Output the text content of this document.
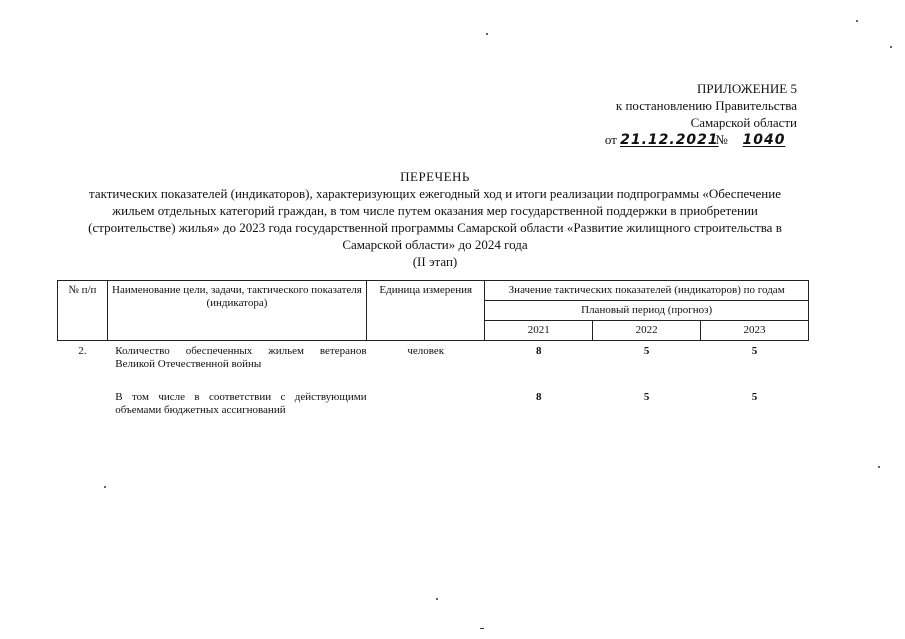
ПРИЛОЖЕНИЕ 5
к постановлению Правительства
Самарской области
от 21.12.2021 № 1040
ПЕРЕЧЕНЬ
тактических показателей (индикаторов), характеризующих ежегодный ход и итоги реализации подпрограммы «Обеспечение жильем отдельных категорий граждан, в том числе путем оказания мер государственной поддержки в приобретении (строительстве) жилья» до 2023 года государственной программы Самарской области «Развитие жилищного строительства в Самарской области» до 2024 года
(II этап)
№ п/п	Наименование цели, задачи, тактического показателя (индикатора)	Единица измерения	Значение тактических показателей (индикаторов) по годам		
			Плановый период (прогноз)		
			2021	2022	2023
2.	Количество обеспеченных жильем ветеранов Великой Отечественной войны	человек	8	5	5
	В том числе в соответствии с действующими объемами бюджетных ассигнований		8	5	5
